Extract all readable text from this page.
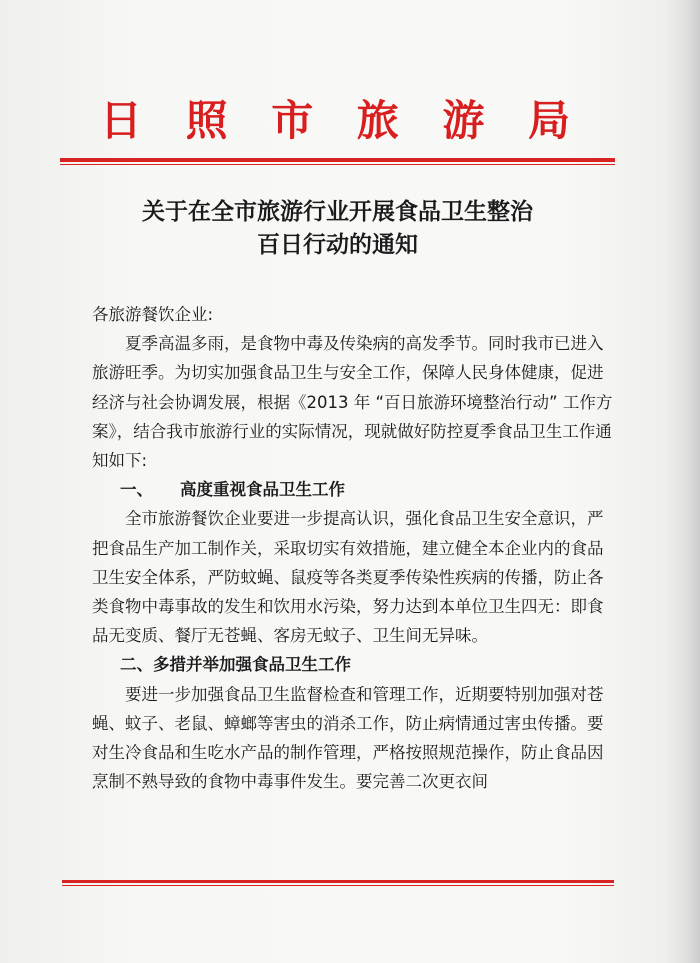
日 照 市 旅 游 局
关于在全市旅游行业开展食品卫生整治
百日行动的通知

各旅游餐饮企业:

夏季高温多雨，是食物中毒及传染病的高发季节。同时我市已进入旅游旺季。为切实加强食品卫生与安全工作，保障人民身体健康，促进经济与社会协调发展，根据《2013 年 “百日旅游环境整治行动” 工作方案》，结合我市旅游行业的实际情况，现就做好防控夏季食品卫生工作通知如下:

一、 高度重视食品卫生工作

全市旅游餐饮企业要进一步提高认识，强化食品卫生安全意识，严把食品生产加工制作关，采取切实有效措施，建立健全本企业内的食品卫生安全体系，严防蚊蝇、鼠疫等各类夏季传染性疾病的传播，防止各类食物中毒事故的发生和饮用水污染，努力达到本单位卫生四无：即食品无变质、餐厅无苍蝇、客房无蚊子、卫生间无异味。

二、多措并举加强食品卫生工作

要进一步加强食品卫生监督检查和管理工作，近期要特别加强对苍蝇、蚊子、老鼠、蟑螂等害虫的消杀工作，防止病情通过害虫传播。要对生冷食品和生吃水产品的制作管理，严格按照规范操作，防止食品因烹制不熟导致的食物中毒事件发生。要完善二次更衣间
